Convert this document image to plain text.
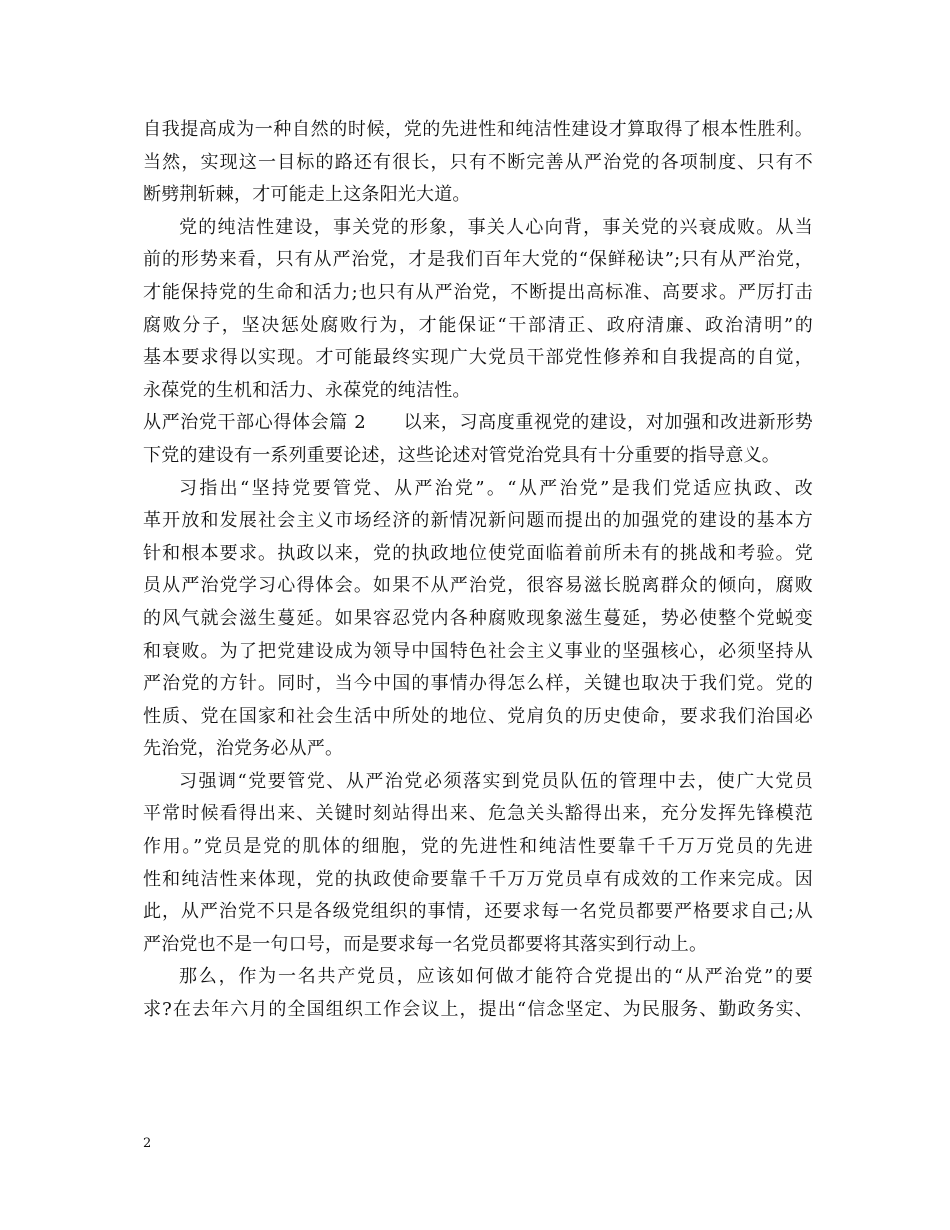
自我提高成为一种自然的时候，党的先进性和纯洁性建设才算取得了根本性胜利。
当然，实现这一目标的路还有很长，只有不断完善从严治党的各项制度、只有不
断劈荆斩棘，才可能走上这条阳光大道。
党的纯洁性建设，事关党的形象，事关人心向背，事关党的兴衰成败。从当
前的形势来看，只有从严治党，才是我们百年大党的“保鲜秘诀”;只有从严治党，
才能保持党的生命和活力;也只有从严治党，不断提出高标准、高要求。严厉打击
腐败分子，坚决惩处腐败行为，才能保证“干部清正、政府清廉、政治清明”的
基本要求得以实现。才可能最终实现广大党员干部党性修养和自我提高的自觉，
永葆党的生机和活力、永葆党的纯洁性。
从严治党干部心得体会篇 2　　以来，习高度重视党的建设，对加强和改进新形势
下党的建设有一系列重要论述，这些论述对管党治党具有十分重要的指导意义。
习指出“坚持党要管党、从严治党”。“从严治党”是我们党适应执政、改
革开放和发展社会主义市场经济的新情况新问题而提出的加强党的建设的基本方
针和根本要求。执政以来，党的执政地位使党面临着前所未有的挑战和考验。党
员从严治党学习心得体会。如果不从严治党，很容易滋长脱离群众的倾向，腐败
的风气就会滋生蔓延。如果容忍党内各种腐败现象滋生蔓延，势必使整个党蜕变
和衰败。为了把党建设成为领导中国特色社会主义事业的坚强核心，必须坚持从
严治党的方针。同时，当今中国的事情办得怎么样，关键也取决于我们党。党的
性质、党在国家和社会生活中所处的地位、党肩负的历史使命，要求我们治国必
先治党，治党务必从严。
习强调“党要管党、从严治党必须落实到党员队伍的管理中去，使广大党员
平常时候看得出来、关键时刻站得出来、危急关头豁得出来，充分发挥先锋模范
作用。”党员是党的肌体的细胞，党的先进性和纯洁性要靠千千万万党员的先进
性和纯洁性来体现，党的执政使命要靠千千万万党员卓有成效的工作来完成。因
此，从严治党不只是各级党组织的事情，还要求每一名党员都要严格要求自己;从
严治党也不是一句口号，而是要求每一名党员都要将其落实到行动上。
那么，作为一名共产党员，应该如何做才能符合党提出的“从严治党”的要
求?在去年六月的全国组织工作会议上，提出“信念坚定、为民服务、勤政务实、
2
